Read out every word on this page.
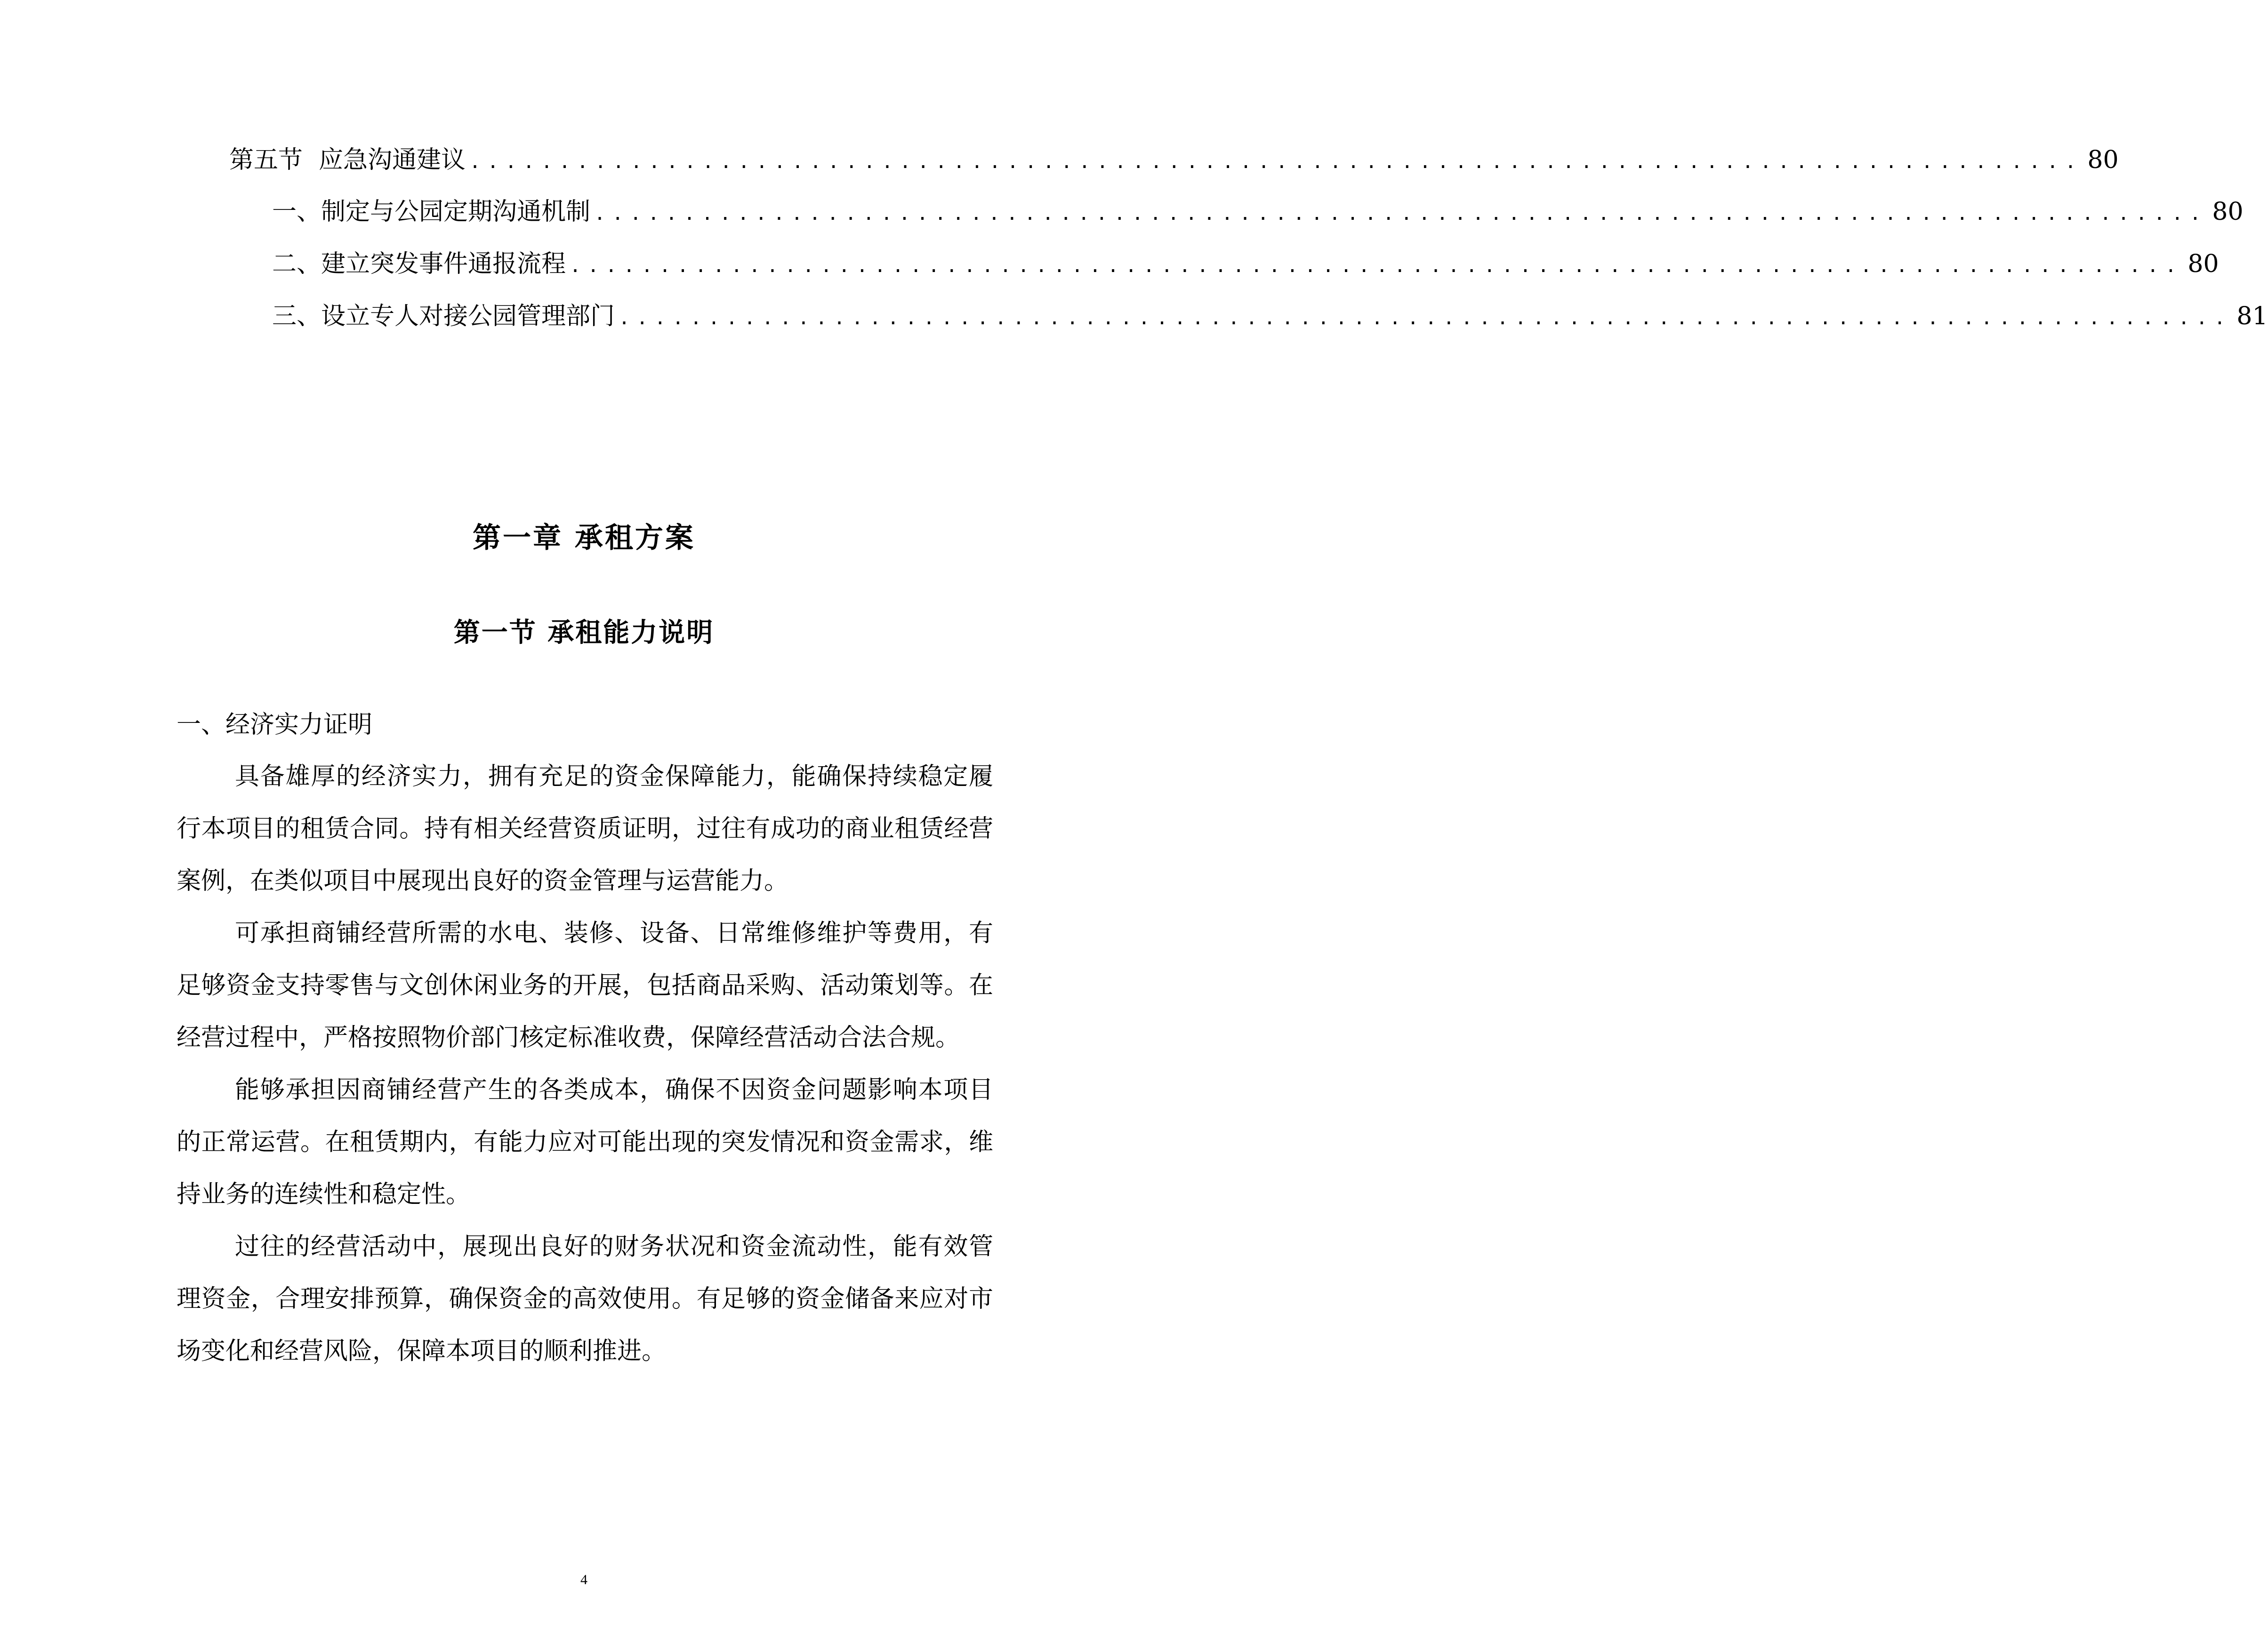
第五节 应急沟通建议 .......................................................................................... 80
一、 制定与公园定期沟通机制 .......................................................................................... 80
二、 建立突发事件通报流程 .......................................................................................... 80
三、 设立专人对接公园管理部门 .......................................................................................... 81
第一章 承租方案
第一节 承租能力说明
一、经济实力证明

具备雄厚的经济实力，拥有充足的资金保障能力，能确保持续稳定履行本项目的租赁合同。持有相关经营资质证明，过往有成功的商业租赁经营案例，在类似项目中展现出良好的资金管理与运营能力。

可承担商铺经营所需的水电、装修、设备、日常维修维护等费用，有足够资金支持零售与文创休闲业务的开展，包括商品采购、活动策划等。在经营过程中，严格按照物价部门核定标准收费，保障经营活动合法合规。

能够承担因商铺经营产生的各类成本，确保不因资金问题影响本项目的正常运营。在租赁期内，有能力应对可能出现的突发情况和资金需求，维持业务的连续性和稳定性。

过往的经营活动中，展现出良好的财务状况和资金流动性，能有效管理资金，合理安排预算，确保资金的高效使用。有足够的资金储备来应对市场变化和经营风险，保障本项目的顺利推进。

4
